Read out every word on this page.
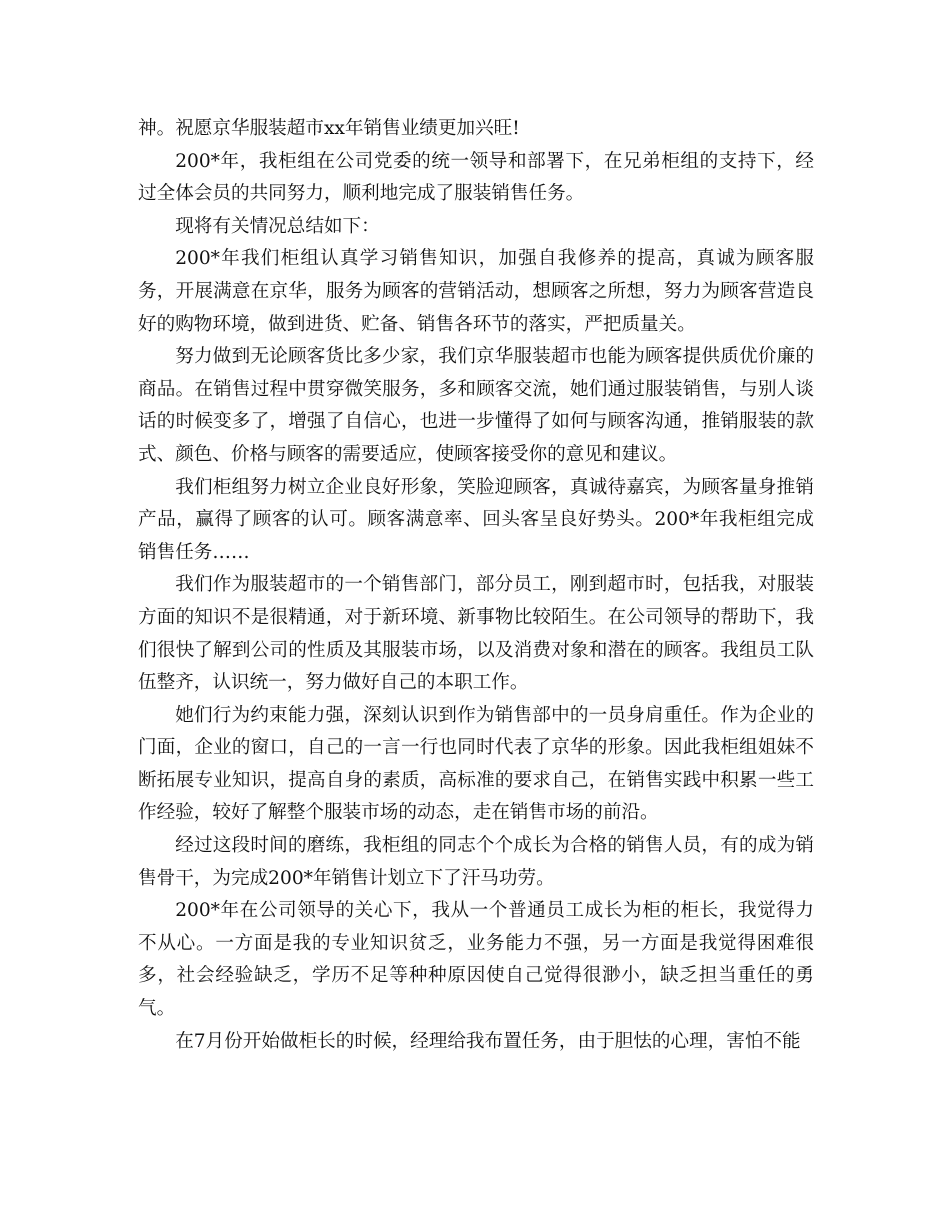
神。祝愿京华服装超市xx年销售业绩更加兴旺!

200*年，我柜组在公司党委的统一领导和部署下，在兄弟柜组的支持下，经过全体会员的共同努力，顺利地完成了服装销售任务。

现将有关情况总结如下：

200*年我们柜组认真学习销售知识，加强自我修养的提高，真诚为顾客服务，开展满意在京华，服务为顾客的营销活动，想顾客之所想，努力为顾客营造良好的购物环境，做到进货、贮备、销售各环节的落实，严把质量关。

努力做到无论顾客货比多少家，我们京华服装超市也能为顾客提供质优价廉的商品。在销售过程中贯穿微笑服务，多和顾客交流，她们通过服装销售，与别人谈话的时候变多了，增强了自信心，也进一步懂得了如何与顾客沟通，推销服装的款式、颜色、价格与顾客的需要适应，使顾客接受你的意见和建议。

我们柜组努力树立企业良好形象，笑脸迎顾客，真诚待嘉宾，为顾客量身推销产品，赢得了顾客的认可。顾客满意率、回头客呈良好势头。200*年我柜组完成销售任务……

我们作为服装超市的一个销售部门，部分员工，刚到超市时，包括我，对服装方面的知识不是很精通，对于新环境、新事物比较陌生。在公司领导的帮助下，我们很快了解到公司的性质及其服装市场，以及消费对象和潜在的顾客。我组员工队伍整齐，认识统一，努力做好自己的本职工作。

她们行为约束能力强，深刻认识到作为销售部中的一员身肩重任。作为企业的门面，企业的窗口，自己的一言一行也同时代表了京华的形象。因此我柜组姐妹不断拓展专业知识，提高自身的素质，高标准的要求自己，在销售实践中积累一些工作经验，较好了解整个服装市场的动态，走在销售市场的前沿。

经过这段时间的磨练，我柜组的同志个个成长为合格的销售人员，有的成为销售骨干，为完成200*年销售计划立下了汗马功劳。

200*年在公司领导的关心下，我从一个普通员工成长为柜的柜长，我觉得力不从心。一方面是我的专业知识贫乏，业务能力不强，另一方面是我觉得困难很多，社会经验缺乏，学历不足等种种原因使自己觉得很渺小，缺乏担当重任的勇气。

在7月份开始做柜长的时候，经理给我布置任务，由于胆怯的心理，害怕不能
